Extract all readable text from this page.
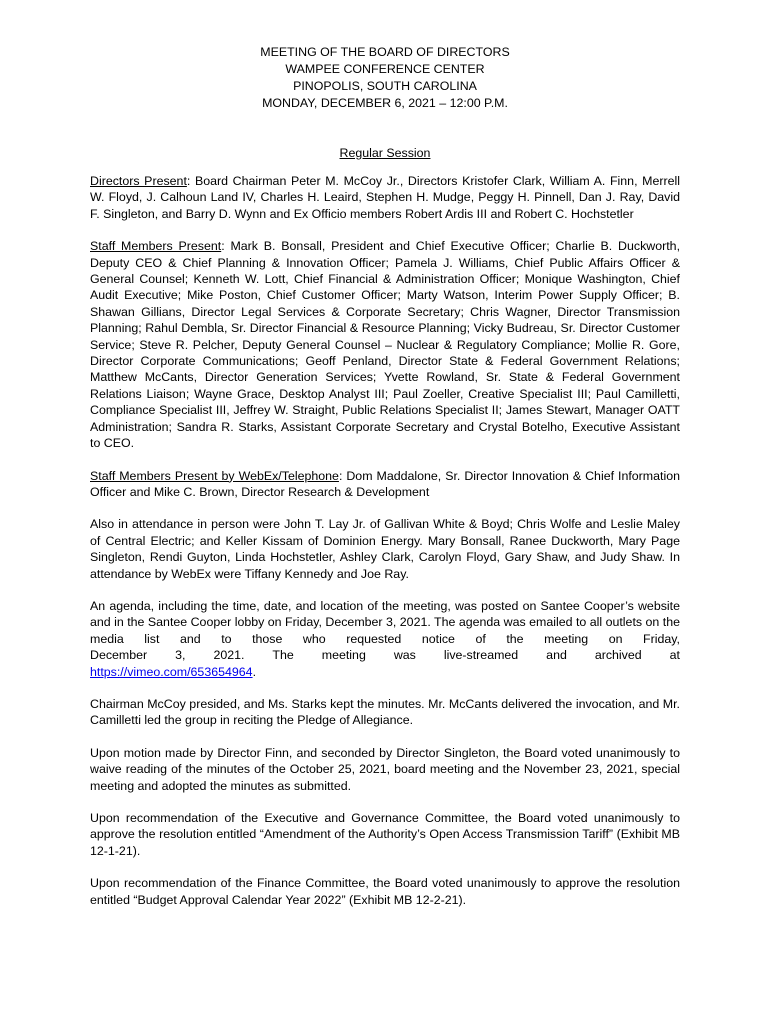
MEETING OF THE BOARD OF DIRECTORS
WAMPEE CONFERENCE CENTER
PINOPOLIS, SOUTH CAROLINA
MONDAY, DECEMBER 6, 2021 – 12:00 P.M.
Regular Session

Directors Present: Board Chairman Peter M. McCoy Jr., Directors Kristofer Clark, William A. Finn, Merrell W. Floyd, J. Calhoun Land IV, Charles H. Leaird, Stephen H. Mudge, Peggy H. Pinnell, Dan J. Ray, David F. Singleton, and Barry D. Wynn and Ex Officio members Robert Ardis III and Robert C. Hochstetler

Staff Members Present: Mark B. Bonsall, President and Chief Executive Officer; Charlie B. Duckworth, Deputy CEO & Chief Planning & Innovation Officer; Pamela J. Williams, Chief Public Affairs Officer & General Counsel; Kenneth W. Lott, Chief Financial & Administration Officer; Monique Washington, Chief Audit Executive; Mike Poston, Chief Customer Officer; Marty Watson, Interim Power Supply Officer; B. Shawan Gillians, Director Legal Services & Corporate Secretary; Chris Wagner, Director Transmission Planning; Rahul Dembla, Sr. Director Financial & Resource Planning; Vicky Budreau, Sr. Director Customer Service; Steve R. Pelcher, Deputy General Counsel – Nuclear & Regulatory Compliance; Mollie R. Gore, Director Corporate Communications; Geoff Penland, Director State & Federal Government Relations; Matthew McCants, Director Generation Services; Yvette Rowland, Sr. State & Federal Government Relations Liaison; Wayne Grace, Desktop Analyst III; Paul Zoeller, Creative Specialist III; Paul Camilletti, Compliance Specialist III, Jeffrey W. Straight, Public Relations Specialist II; James Stewart, Manager OATT Administration; Sandra R. Starks, Assistant Corporate Secretary and Crystal Botelho, Executive Assistant to CEO.

Staff Members Present by WebEx/Telephone: Dom Maddalone, Sr. Director Innovation & Chief Information Officer and Mike C. Brown, Director Research & Development

Also in attendance in person were John T. Lay Jr. of Gallivan White & Boyd; Chris Wolfe and Leslie Maley of Central Electric; and Keller Kissam of Dominion Energy. Mary Bonsall, Ranee Duckworth, Mary Page Singleton, Rendi Guyton, Linda Hochstetler, Ashley Clark, Carolyn Floyd, Gary Shaw, and Judy Shaw. In attendance by WebEx were Tiffany Kennedy and Joe Ray.

An agenda, including the time, date, and location of the meeting, was posted on Santee Cooper’s website and in the Santee Cooper lobby on Friday, December 3, 2021. The agenda was emailed to all outlets on the media list and to those who requested notice of the meeting on Friday,

December 3, 2021. The meeting was live-streamed and archived at

https://vimeo.com/653654964.

Chairman McCoy presided, and Ms. Starks kept the minutes. Mr. McCants delivered the invocation, and Mr. Camilletti led the group in reciting the Pledge of Allegiance.

Upon motion made by Director Finn, and seconded by Director Singleton, the Board voted unanimously to waive reading of the minutes of the October 25, 2021, board meeting and the November 23, 2021, special meeting and adopted the minutes as submitted.

Upon recommendation of the Executive and Governance Committee, the Board voted unanimously to approve the resolution entitled “Amendment of the Authority’s Open Access Transmission Tariff” (Exhibit MB 12-1-21).

Upon recommendation of the Finance Committee, the Board voted unanimously to approve the resolution entitled “Budget Approval Calendar Year 2022” (Exhibit MB 12-2-21).
